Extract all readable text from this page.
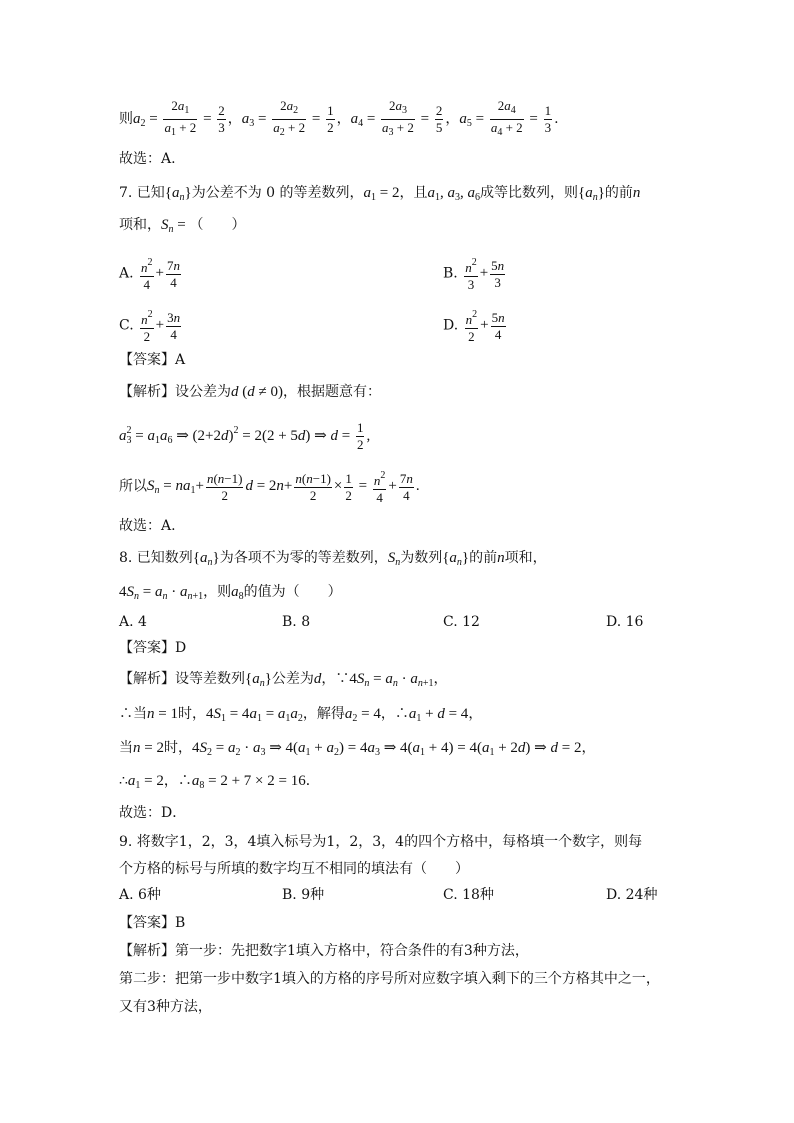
则$a_2 = \frac{2a_1}{a_1 + 2} = \frac{2}{3}$ ，$a_3 = \frac{2a_2}{a_2 + 2} = \frac{1}{2}$ ，$a_4 = \frac{2a_3}{a_3 + 2} = \frac{2}{5}$ ，$a_5 = \frac{2a_4}{a_4 + 2} = \frac{1}{3}$ .
故选：A.
7. 已知$\{a_n\}$为公差不为 0 的等差数列，$a_1 = 2$，且$a_1$, $a_3$, $a_6$成等比数列，则$\{a_n\}$的前n
项和，$S_n$ = （　　）
A. $\frac{n^2}{4} + \frac{7n}{4}$	B. $\frac{n^2}{3} + \frac{5n}{3}$
C. $\frac{n^2}{2} + \frac{3n}{4}$	D. $\frac{n^2}{2} + \frac{5n}{4}$
【答案】A
【解析】设公差为d (d ≠ 0)，根据题意有：
$a_3^2 = a_1a_6$ ⇒ $(2+2d)^2 = 2(2 + 5d)$ ⇒ $d = \frac{1}{2}$ ,
所以$S_n = na_1+ \frac{n(n-1)}{2}$ $d = 2n+ \frac{n(n-1)}{2} \times \frac{1}{2} = \frac{n^2}{4} + \frac{7n}{4}$ .
故选：A.
8. 已知数列$\{a_n\}$为各项不为零的等差数列，$S_n$为数列$\{a_n\}$的前n项和，
$4S_n = a_n \cdot a_{n+1}$，则$a_8$的值为（　　）
A. 4	B. 8	C. 12	D. 16
【答案】D
【解析】设等差数列$\{a_n\}$公差为d，$\because 4S_n = a_n \cdot a_{n+1}$，
∴当n = 1时，$4S_1 = 4a_1 = a_1a_2$，解得$a_2 = 4$，$\therefore a_1 + d = 4$，
当n = 2时，$4S_2 = a_2 \cdot a_3$ ⇒ $4(a_1 + a_2) = 4a_3$ ⇒ $4(a_1 + 4) = 4(a_1 + 2d)$ ⇒ d = 2，
$\therefore a_1 = 2$，$\therefore a_8 = 2 + 7 \times 2 = 16$．
故选：D．
9. 将数字1，2，3，4填入标号为1，2，3，4的四个方格中，每格填一个数字，则每
个方格的标号与所填的数字均互不相同的填法有（　　）
A. 6种	B. 9种	C. 18种	D. 24种
【答案】B
【解析】第一步：先把数字1填入方格中，符合条件的有3种方法，
第二步：把第一步中数字1填入的方格的序号所对应数字填入剩下的三个方格其中之一，
又有3种方法，
